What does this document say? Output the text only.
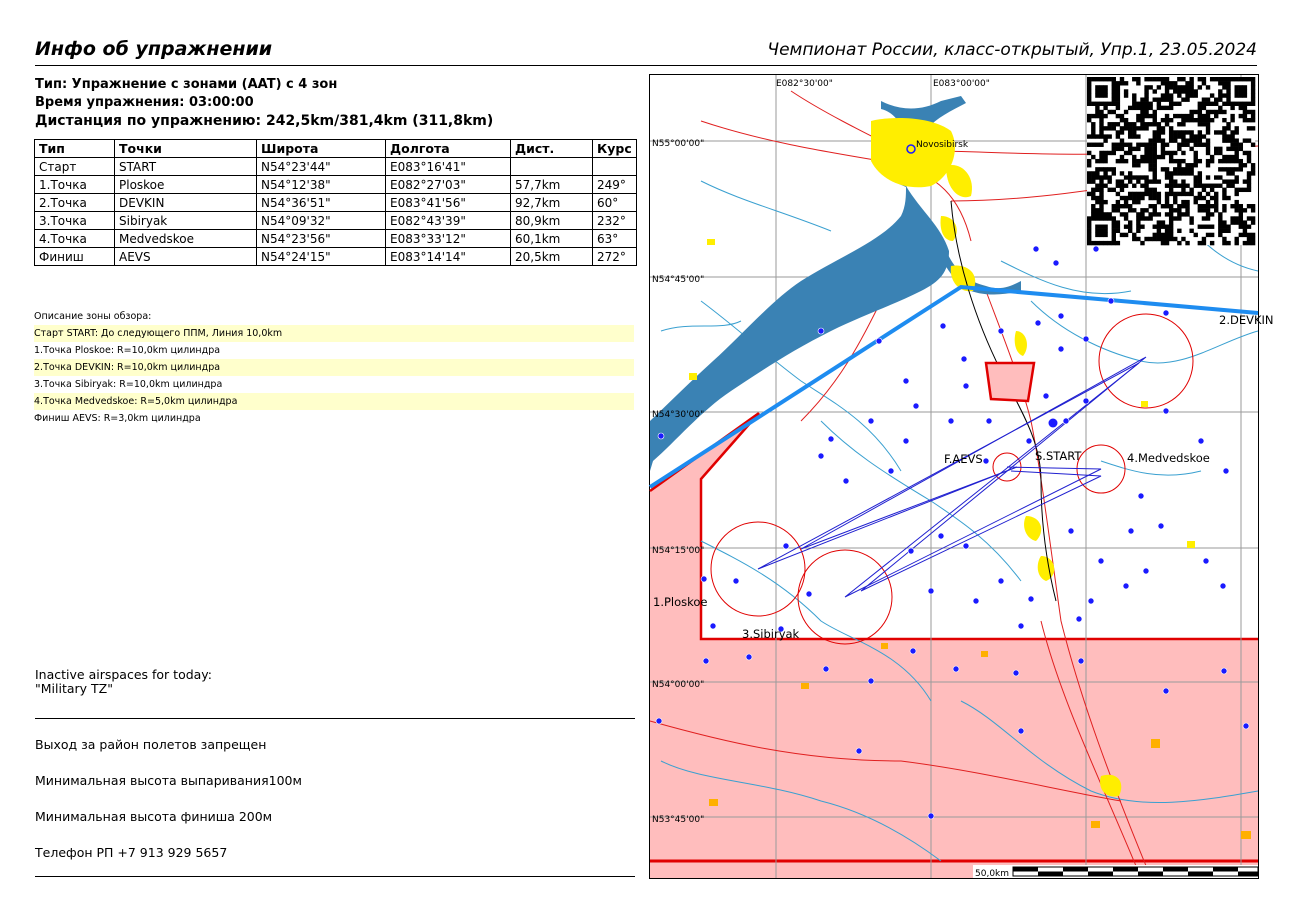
Инфо об упражнении	Чемпионат России, класс-открытый, Упр.1, 23.05.2024
Тип: Упражнение с зонами (AAT) с 4 зон
Время упражнения: 03:00:00
Дистанция по упражнению: 242,5km/381,4km (311,8km)
Тип	Точки	Широта	Долгота	Дист.	Курс
Старт	START	N54°23'44"	E083°16'41"		
1.Точка	Ploskoe	N54°12'38"	E082°27'03"	57,7km	249°
2.Точка	DEVKIN	N54°36'51"	E083°41'56"	92,7km	60°
3.Точка	Sibiryak	N54°09'32"	E082°43'39"	80,9km	232°
4.Точка	Medvedskoe	N54°23'56"	E083°33'12"	60,1km	63°
Финиш	AEVS	N54°24'15"	E083°14'14"	20,5km	272°
Описание зоны обзора:
Старт START: До следующего ППМ, Линия 10,0km
1.Точка Ploskoe: R=10,0km цилиндра
2.Точка DEVKIN: R=10,0km цилиндра
3.Точка Sibiryak: R=10,0km цилиндра
4.Точка Medvedskoe: R=5,0km цилиндра
Финиш AEVS: R=3,0km цилиндра
Inactive airspaces for today:
"Military TZ"
Выход за район полетов запрещен
Минимальная высота выпаривания100м
Минимальная высота финиша 200м
Телефон РП +7 913 929 5657
E082°30'00"	E083°00'00"
N55°00'00"
N54°45'00"
N54°30'00"
N54°15'00"
N54°00'00"
N53°45'00"
Novosibirsk
2.DEVKIN
4.Medvedskoe
S.START
F.AEVS
1.Ploskoe
3.Sibiryak
50,0km
